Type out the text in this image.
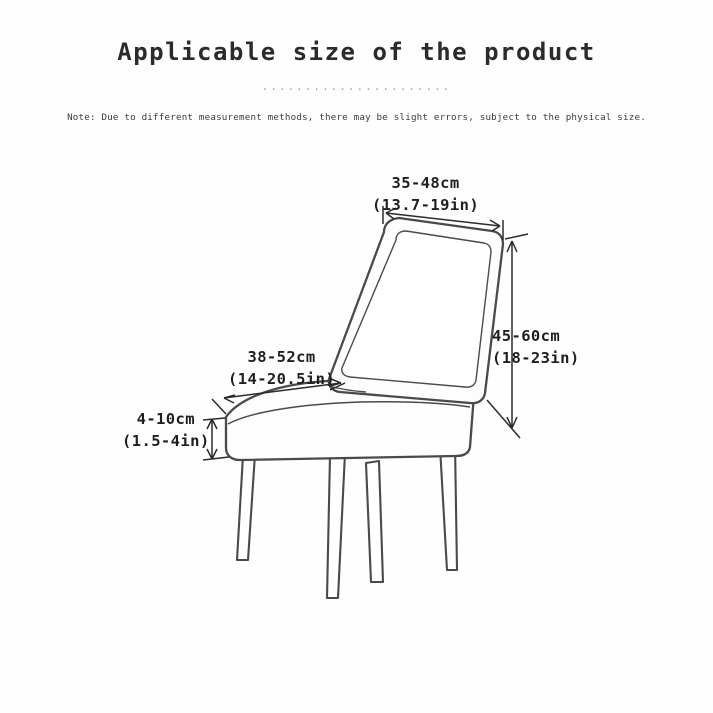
Applicable size of the product
......................
Note: Due to different measurement methods, there may be slight errors, subject to the physical size.
35-48cm
(13.7-19in)
45-60cm
(18-23in)
38-52cm
(14-20.5in)
4-10cm
(1.5-4in)
